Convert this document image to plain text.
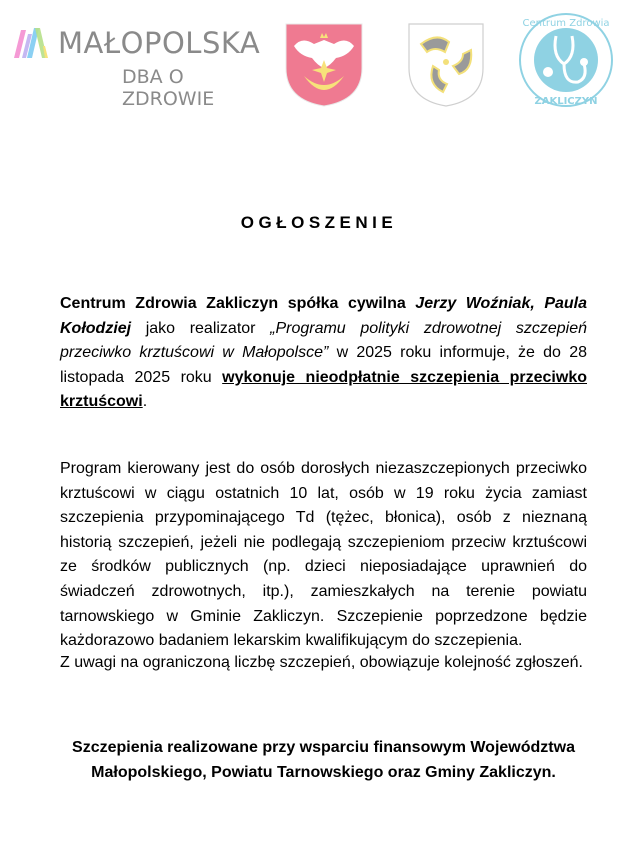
MAŁOPOLSKA
DBA O ZDROWIE
Centrum Zdrowia
ZAKLICZYN
OGŁOSZENIE
Centrum Zdrowia Zakliczyn spółka cywilna Jerzy Woźniak, Paula Kołodziej jako realizator „Programu polityki zdrowotnej szczepień przeciwko krztuścowi w Małopolsce” w 2025 roku informuje, że do 28 listopada 2025 roku wykonuje nieodpłatnie szczepienia przeciwko krztuścowi.
Program kierowany jest do osób dorosłych niezaszczepionych przeciwko krztuścowi w ciągu ostatnich 10 lat, osób w 19 roku życia zamiast szczepienia przypominającego Td (tężec, błonica), osób z nieznaną historią szczepień, jeżeli nie podlegają szczepieniom przeciw krztuścowi ze środków publicznych (np. dzieci nieposiadające uprawnień do świadczeń zdrowotnych, itp.), zamieszkałych na terenie powiatu tarnowskiego w Gminie Zakliczyn. Szczepienie poprzedzone będzie każdorazowo badaniem lekarskim kwalifikującym do szczepienia.
Z uwagi na ograniczoną liczbę szczepień, obowiązuje kolejność zgłoszeń.
Szczepienia realizowane przy wsparciu finansowym Województwa Małopolskiego, Powiatu Tarnowskiego oraz Gminy Zakliczyn.
